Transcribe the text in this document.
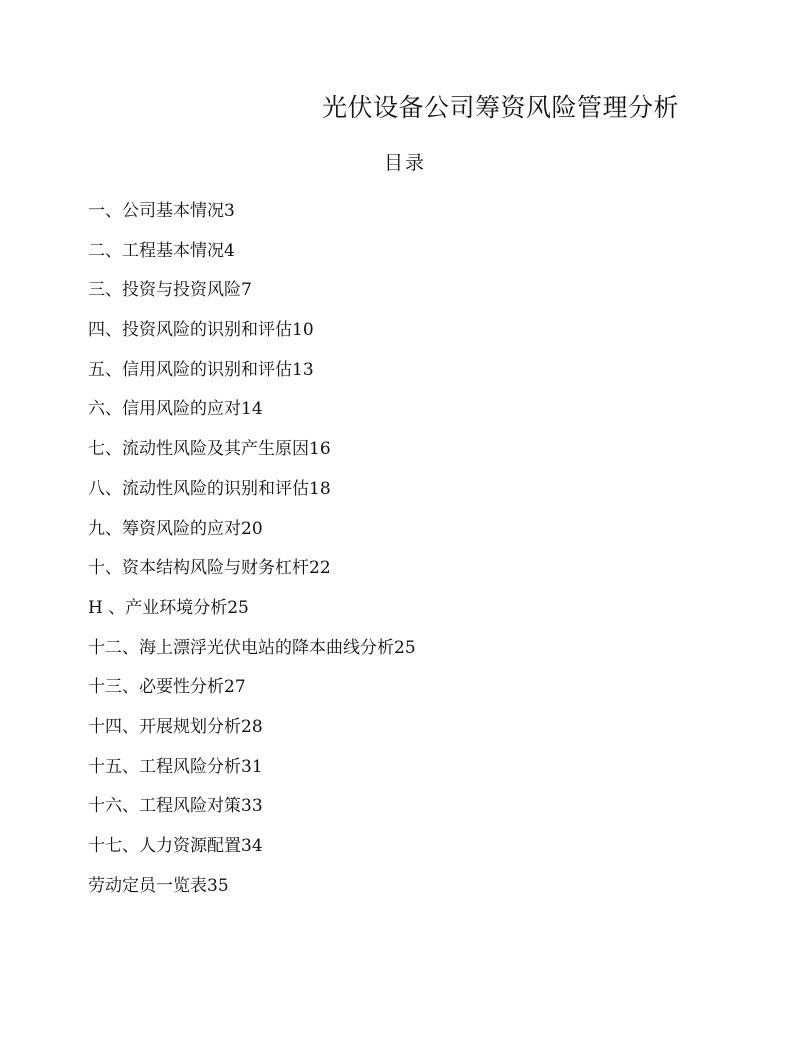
光伏设备公司筹资风险管理分析
目录
一、公司基本情况3
二、工程基本情况4
三、投资与投资风险7
四、投资风险的识别和评估10
五、信用风险的识别和评估13
六、信用风险的应对14
七、流动性风险及其产生原因16
八、流动性风险的识别和评估18
九、筹资风险的应对20
十、资本结构风险与财务杠杆22
H 、产业环境分析25
十二、海上漂浮光伏电站的降本曲线分析25
十三、必要性分析27
十四、开展规划分析28
十五、工程风险分析31
十六、工程风险对策33
十七、人力资源配置34
劳动定员一览表35
